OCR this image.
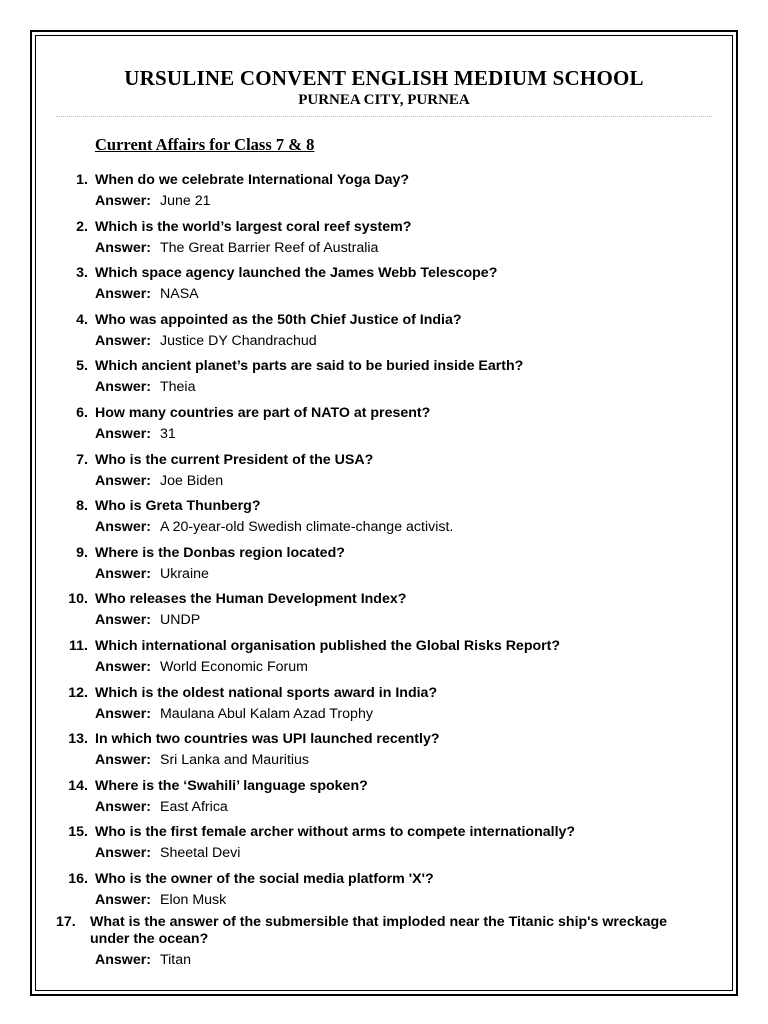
URSULINE CONVENT ENGLISH MEDIUM SCHOOL
PURNEA CITY, PURNEA
Current Affairs for Class 7 & 8
1. When do we celebrate International Yoga Day?
Answer: June 21
2. Which is the world’s largest coral reef system?
Answer: The Great Barrier Reef of Australia
3. Which space agency launched the James Webb Telescope?
Answer: NASA
4. Who was appointed as the 50th Chief Justice of India?
Answer: Justice DY Chandrachud
5. Which ancient planet’s parts are said to be buried inside Earth?
Answer: Theia
6. How many countries are part of NATO at present?
Answer: 31
7. Who is the current President of the USA?
Answer: Joe Biden
8. Who is Greta Thunberg?
Answer: A 20-year-old Swedish climate-change activist.
9. Where is the Donbas region located?
Answer: Ukraine
10. Who releases the Human Development Index?
Answer: UNDP
11. Which international organisation published the Global Risks Report?
Answer: World Economic Forum
12. Which is the oldest national sports award in India?
Answer: Maulana Abul Kalam Azad Trophy
13. In which two countries was UPI launched recently?
Answer: Sri Lanka and Mauritius
14. Where is the ‘Swahili’ language spoken?
Answer: East Africa
15. Who is the first female archer without arms to compete internationally?
Answer: Sheetal Devi
16. Who is the owner of the social media platform 'X'?
Answer: Elon Musk
17. What is the answer of the submersible that imploded near the Titanic ship's wreckage under the ocean?
Answer: Titan
